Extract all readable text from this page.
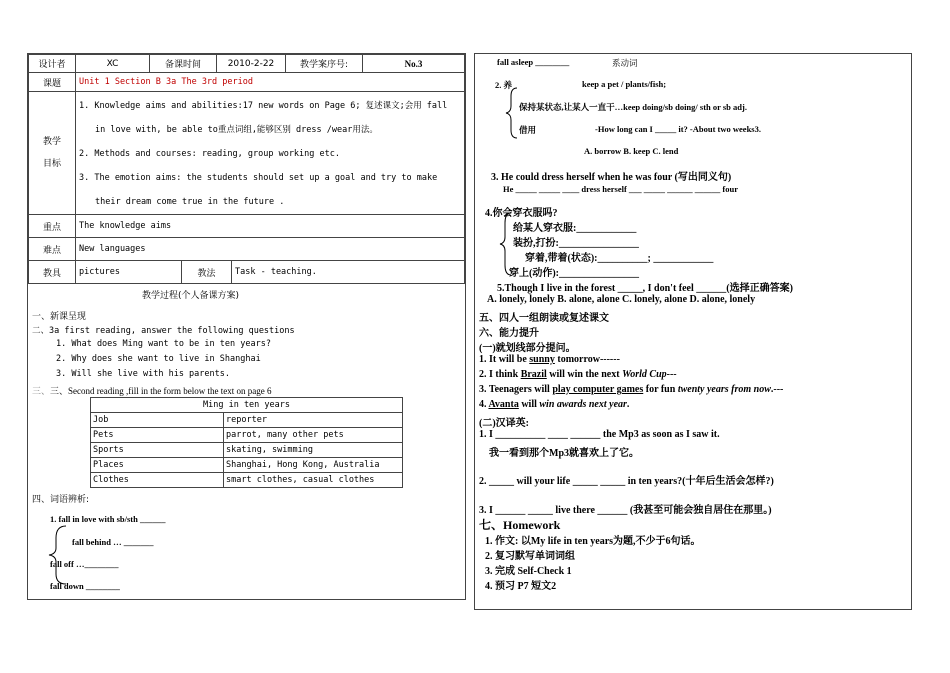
设计者	XC	备课时间	2010-2-22	教学案序号:	No.3
课题	Unit 1 Section B 3a The 3rd period
教学
目标	
1. Knowledge aims and abilities:17 new words on Page 6; 复述课文;会用 fall
in love with, be able to重点词组,能够区别 dress /wear用法。
2. Methods and courses: reading, group working etc.
3. The emotion aims: the students should set up a goal and try to make
their dream come true in the future .
重点	The knowledge aims
难点	New languages
教具	pictures	教法	Task - teaching.
教学过程(个人备课方案)
一、新课呈现
二、3a first reading, answer the following questions
1. What does Ming want to be in ten years?
2. Why does she want to live in Shanghai
3. Will she live with his parents.
三、三、Second reading ,fill in the form below the text on page 6
Ming in ten years	
Job	reporter
Pets	parrot, many other pets
Sports	skating, swimming
Places	Shanghai, Hong Kong, Australia
Clothes	smart clothes, casual clothes
四、词语辨析:
1. fall in love with sb/sth ______
fall behind … _______
fall off …________
fall down ________
fall asleep ________	系动词
2. 养	keep a pet / plants/fish;
保持某状态,让某人一直干…keep doing/sb doing/ sth or sb adj.
借用	-How long can I _____ it? -About two weeks3.
A. borrow B. keep C. lend
3. He could dress herself when he was four (写出同义句)
He _____ _____ ____ dress herself ___ _____ ______ ______ four
4.你会穿衣服吗?
给某人穿衣服:____________
装扮,打扮:________________
穿着,带着(状态):__________; ____________
穿上(动作):________________
5.Though I live in the forest _____, I don't feel ______(选择正确答案)
A. lonely, lonely B. alone, alone C. lonely, alone D. alone, lonely
五、四人一组朗读或复述课文
六、能力提升
(一)就划线部分提问。
1. It will be sunny tomorrow------
2. I think Brazil will win the next World Cup---
3. Teenagers will play computer games for fun twenty years from now.---
4. Avanta will win awards next year.
(二)汉译英:
1. I __________ ____ ______ the Mp3 as soon as I saw it.
我一看到那个Mp3就喜欢上了它。
2. _____ will your life _____ _____ in ten years?(十年后生活会怎样?)
3. I ______ _____ live there ______ (我甚至可能会独自居住在那里。)
七、Homework
1. 作文: 以My life in ten years为题,不少于6句话。
2. 复习默写单词词组
3. 完成 Self-Check 1
4. 预习 P7 短文2
